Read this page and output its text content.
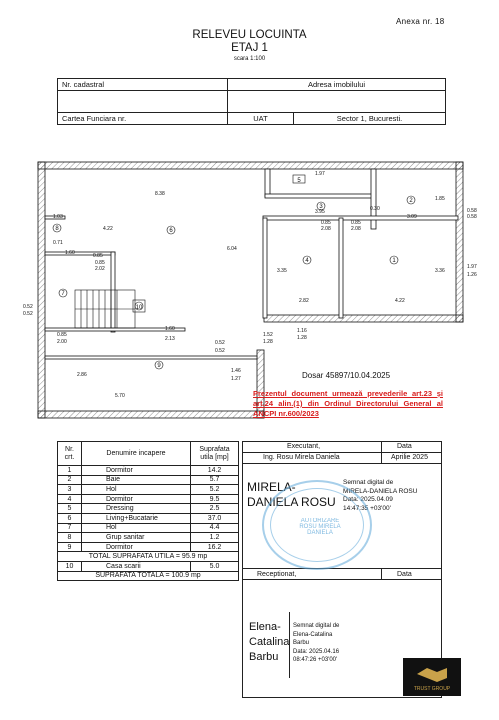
Anexa nr. 18
RELEVEU LOCUINTA
ETAJ 1
scara 1:100
Nr. cadastral	Adresa imobilului	

Cartea Funciara nr.	UAT	Sector 1, Bucuresti.
1
2
3
4
5
6
7
8
9
10
8.38
1.97
1.85
3.09
0.30	0.58
0.58
0.85
2.08
0.85
2.08
3.95
4.22
6.04
3.35	3.36
2.82	4.22
1.97
1.26
1.03
0.71
0.85
1.60
0.85
2.02
0.52
0.52
0.85
2.00
1.60
2.13
0.52
0.52
1.52
1.28
1.16
1.28
1.46
1.27
2.86
5.70
Dosar 45897/10.04.2025
Prezentul document urmează prevederile art.23 și art.24 alin.(1) din Ordinul Directorului General al ANCPI nr.600/2023
Nr. crt.	Denumire incapere	Suprafata utila [mp]
1	Dormitor	14.2
2	Baie	5.7
3	Hol	5.2
4	Dormitor	9.5
5	Dressing	2.5
6	Living+Bucatarie	37.0
7	Hol	4.4
8	Grup sanitar	1.2
9	Dormitor	16.2
TOTAL SUPRAFATA UTILA = 95.9 mp		
10	Casa scarii	5.0
SUPRAFATA TOTALA = 100.9 mp		
Executant,	Data
Ing. Rosu Mirela Daniela	Aprilie 2025
MIRELA-
DANIELA ROSU
Semnat digital de
MIRELA-DANIELA ROSU
Data: 2025.04.09
14:47:35 +03'00'
Receptionat,	Data
Elena-
Catalina
Barbu
Semnat digital de
Elena-Catalina
Barbu
Data: 2025.04.16
08:47:26 +03'00'
AUTORIZARE
ROSU MIRELA
DANIELA
TRUST GROUP
